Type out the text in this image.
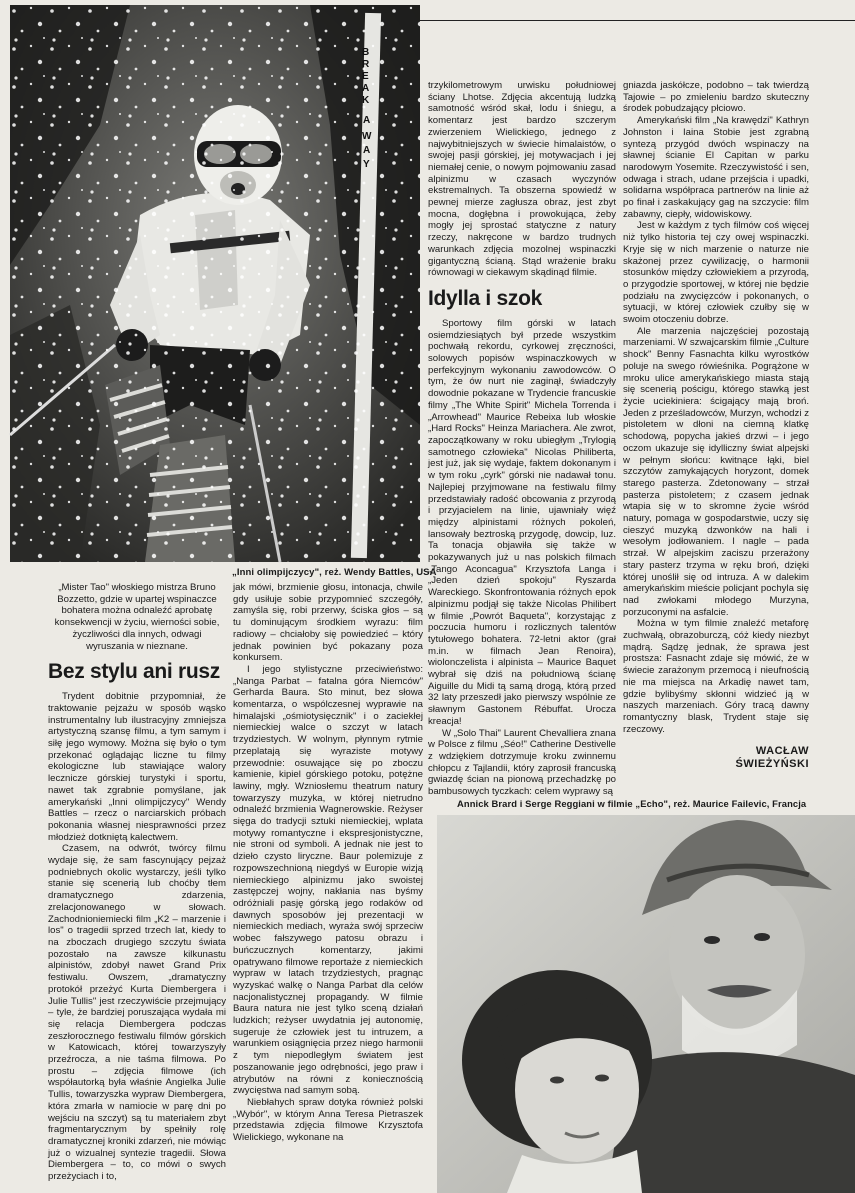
„Inni olimpijczycy", reż. Wendy Battles, USA

„Mister Tao" włoskiego mistrza Bruno Bozzetto, gdzie w upartej wspinaczce bohatera można odnaleźć aprobatę konsekwencji w życiu, wierności sobie, życzliwości dla innych, odwagi wyruszania w nieznane.

Bez stylu ani rusz

Trydent dobitnie przypomniał, że traktowanie pejzażu w sposób wąsko instrumentalny lub ilustracyjny zmniejsza artystyczną szansę filmu, a tym samym i siłę jego wymowy. Można się było o tym przekonać oglądając liczne tu filmy ekologiczne lub stawiające walory lecznicze górskiej turystyki i sportu, nawet tak zgrabnie pomyślane, jak amerykański „Inni olimpijczycy" Wendy Battles – rzecz o narciarskich próbach pokonania własnej niesprawności przez młodzież dotkniętą kalectwem.

Czasem, na odwrót, twórcy filmu wydaje się, że sam fascynujący pejzaż podniebnych okolic wystarczy, jeśli tylko stanie się scenerią lub choćby tłem dramatycznego zdarzenia, zrelacjonowanego w słowach. Zachodnioniemiecki film „K2 – marzenie i los" o tragedii sprzed trzech lat, kiedy to na zboczach drugiego szczytu świata pozostało na zawsze kilkunastu alpinistów, zdobył nawet Grand Prix festiwalu. Owszem, „dramatyczny protokół przeżyć Kurta Diembergera i Julie Tullis" jest rzeczywiście przejmujący – tyle, że bardziej poruszająca wydała mi się relacja Diembergera podczas zeszłorocznego festiwalu filmów górskich w Katowicach, której towarzyszyły przeźrocza, a nie taśma filmowa. Po prostu – zdjęcia filmowe (ich współautorką była właśnie Angielka Julie Tullis, towarzyszka wypraw Diembergera, która zmarła w namiocie w parę dni po wejściu na szczyt) są tu materiałem zbyt fragmentarycznym by spełniły rolę dramatycznej kroniki zdarzeń, nie mówiąc już o wizualnej syntezie tragedii. Słowa Diembergera – to, co mówi o swych przeżyciach i to,

jak mówi, brzmienie głosu, intonacja, chwile gdy usiłuje sobie przypomnieć szczegóły, zamyśla się, robi przerwy, ściska głos – są tu dominującym środkiem wyrazu: film radiowy – chciałoby się powiedzieć – który jednak powinien być pokazany poza konkursem.

I jego stylistyczne przeciwieństwo: „Nanga Parbat – fatalna góra Niemców" Gerharda Baura. Sto minut, bez słowa komentarza, o wspólczesnej wyprawie na himalajski „ośmiotysięcznik" i o zaciekłej niemieckiej walce o szczyt w latach trzydziestych. W wolnym, płynnym rytmie przeplatają się wyraziste motywy przewodnie: osuwające się po zboczu kamienie, kipiel górskiego potoku, potężne lawiny, mgły. Wzniosłemu theatrum natury towarzyszy muzyka, w której nietrudno odnaleźć brzmienia Wagnerowskie. Reżyser sięga do tradycji sztuki niemieckiej, wplata motywy romantyczne i ekspresjonistyczne, nie stroni od symboli. A jednak nie jest to dzieło czysto liryczne. Baur polemizuje z rozpowszechnioną niegdyś w Europie wizją niemieckiego alpinizmu jako swoistej zastępczej wojny, nakłania nas byśmy odróżniali pasję górską jego rodaków od dawnych sposobów jej prezentacji w niemieckich mediach, wyraża swój sprzeciw wobec fałszywego patosu obrazu i buńczucznych komentarzy, jakimi opatrywano filmowe reportaże z niemieckich wypraw w latach trzydziestych, pragnąc wyzyskać walkę o Nanga Parbat dla celów nacjonalistycznej propagandy. W filmie Baura natura nie jest tylko sceną działań ludzkich; reżyser uwydatnia jej autonomię, sugeruje że człowiek jest tu intruzem, a warunkiem osiągnięcia przez niego harmonii z tym niepodległym światem jest poszanowanie jego odrębności, jego praw i atrybutów na równi z koniecznością zwycięstwa nad samym sobą.

Niebłahych spraw dotyka również polski „Wybór", w którym Anna Teresa Pietraszek przedstawia zdjęcia filmowe Krzysztofa Wielickiego, wykonane na

trzykilometrowym urwisku południowej ściany Lhotse. Zdjęcia akcentują ludzką samotność wśród skał, lodu i śniegu, a komentarz jest bardzo szczerym zwierzeniem Wielickiego, jednego z najwybitniejszych w świecie himalaistów, o swojej pasji górskiej, jej motywacjach i jej niemałej cenie, o nowym pojmowaniu zasad alpinizmu w czasach wyczynów ekstremalnych. Ta obszerna spowiedź w pewnej mierze zagłusza obraz, jest zbyt mocna, dogłębna i prowokująca, żeby mogły jej sprostać statyczne z natury rzeczy, nakręcone w bardzo trudnych warunkach zdjęcia mozolnej wspinaczki gigantyczną ścianą. Stąd wrażenie braku równowagi w ciekawym skądinąd filmie.

Idylla i szok

Sportowy film górski w latach osiemdziesiątych był przede wszystkim pochwałą rekordu, cyrkowej zręczności, solowych popisów wspinaczkowych w perfekcyjnym wykonaniu zawodowców. O tym, że ów nurt nie zaginął, świadczyły dowodnie pokazane w Trydencie francuskie filmy „The White Spirit" Michela Torrenda i „Arrowhead" Maurice Rebeixa lub włoskie „Hard Rocks" Heinza Mariachera. Ale zwrot, zapoczątkowany w roku ubiegłym „Trylogią samotnego człowieka" Nicolas Philiberta, jest już, jak się wydaje, faktem dokonanym i w tym roku „cyrk" górski nie nadawał tonu. Najlepiej przyjmowane na festiwalu filmy przedstawiały radość obcowania z przyrodą i przyjacielem na linie, ujawniały więź między alpinistami różnych pokoleń, lansowały beztroską przygodę, dowcip, luz. Ta tonacja objawiła się także w pokazywanych już u nas polskich filmach „Tango Aconcagua" Krzysztofa Langa i „Jeden dzień spokoju" Ryszarda Wareckiego. Skonfrontowania różnych epok alpinizmu podjął się także Nicolas Philibert w filmie „Powrót Baqueta", korzystając z poczucia humoru i rozlicznych talentów tytułowego bohatera. 72-letni aktor (grał m.in. w filmach Jean Renoira), wiolonczelista i alpinista – Maurice Baquet wybrał się dziś na południową ścianę Aiguille du Midi tą samą drogą, którą przed 32 laty przeszedł jako pierwszy wspólnie ze sławnym Gastonem Rébuffat. Urocza kreacja!

W „Solo Thai" Laurent Chevalliera znana w Polsce z filmu „Séo!" Catherine Destivelle z wdziękiem dotrzymuje kroku zwinnemu chłopcu z Tajlandii, który zaprosił francuską gwiazdę ścian na pionową przechadzkę po bambusowych tyczkach: celem wyprawy są

gniazda jaskółcze, podobno – tak twierdzą Tajowie – po zmieleniu bardzo skuteczny środek pobudzający płciowo.

Amerykański film „Na krawędzi" Kathryn Johnston i Iaina Stobie jest zgrabną syntezą przygód dwóch wspinaczy na sławnej ścianie El Capitan w parku narodowym Yosemite. Rzeczywistość i sen, odwaga i strach, udane przejścia i upadki, solidarna współpraca partnerów na linie aż po finał i zaskakujący gag na szczycie: film zabawny, ciepły, widowiskowy.

Jest w każdym z tych filmów coś więcej niż tylko historia tej czy owej wspinaczki. Kryje się w nich marzenie o naturze nie skażonej przez cywilizację, o harmonii stosunków między człowiekiem a przyrodą, o przygodzie sportowej, w której nie będzie podziału na zwycięzców i pokonanych, o sytuacji, w której człowiek czułby się w swoim otoczeniu dobrze.

Ale marzenia najczęściej pozostają marzeniami. W szwajcarskim filmie „Culture shock" Benny Fasnachta kilku wyrostków poluje na swego rówieśnika. Pogrążone w mroku ulice amerykańskiego miasta stają się scenerią pościgu, którego stawką jest życie uciekiniera: ścigający mają broń. Jeden z prześladowców, Murzyn, wchodzi z pistoletem w dłoni na ciemną klatkę schodową, popycha jakieś drzwi – i jego oczom ukazuje się idylliczny świat alpejski w pełnym słońcu: kwitnące łąki, biel szczytów zamykających horyzont, domek starego pasterza. Zdetonowany – strzał pasterza pistoletem; z czasem jednak wtapia się w to skromne życie wśród natury, pomaga w gospodarstwie, uczy się cieszyć muzyką dzwonków na hali i wesołym jodłowaniem. I nagle – pada strzał. W alpejskim zaciszu przerażony stary pasterz trzyma w ręku broń, dzięki której unoślił się od intruza. A w dalekim amerykańskim mieście policjant pochyla się nad zwłokami młodego Murzyna, porzuconymi na asfalcie.

Można w tym filmie znaleźć metaforę zuchwałą, obrazoburczą, cóż kiedy niezbyt mądrą. Sądzę jednak, że sprawa jest prostsza: Fasnacht zdaje się mówić, że w świecie zarażonym przemocą i nieufnością nie ma miejsca na Arkadię nawet tam, gdzie bylibyśmy skłonni widzieć ją w naszych marzeniach. Góry tracą dawny romantyczny blask, Trydent staje się rzeczowy.

WACŁAW
ŚWIEŻYŃSKI
Annick Brard i Serge Reggiani w filmie „Echo", reż. Maurice Failevic, Francja
